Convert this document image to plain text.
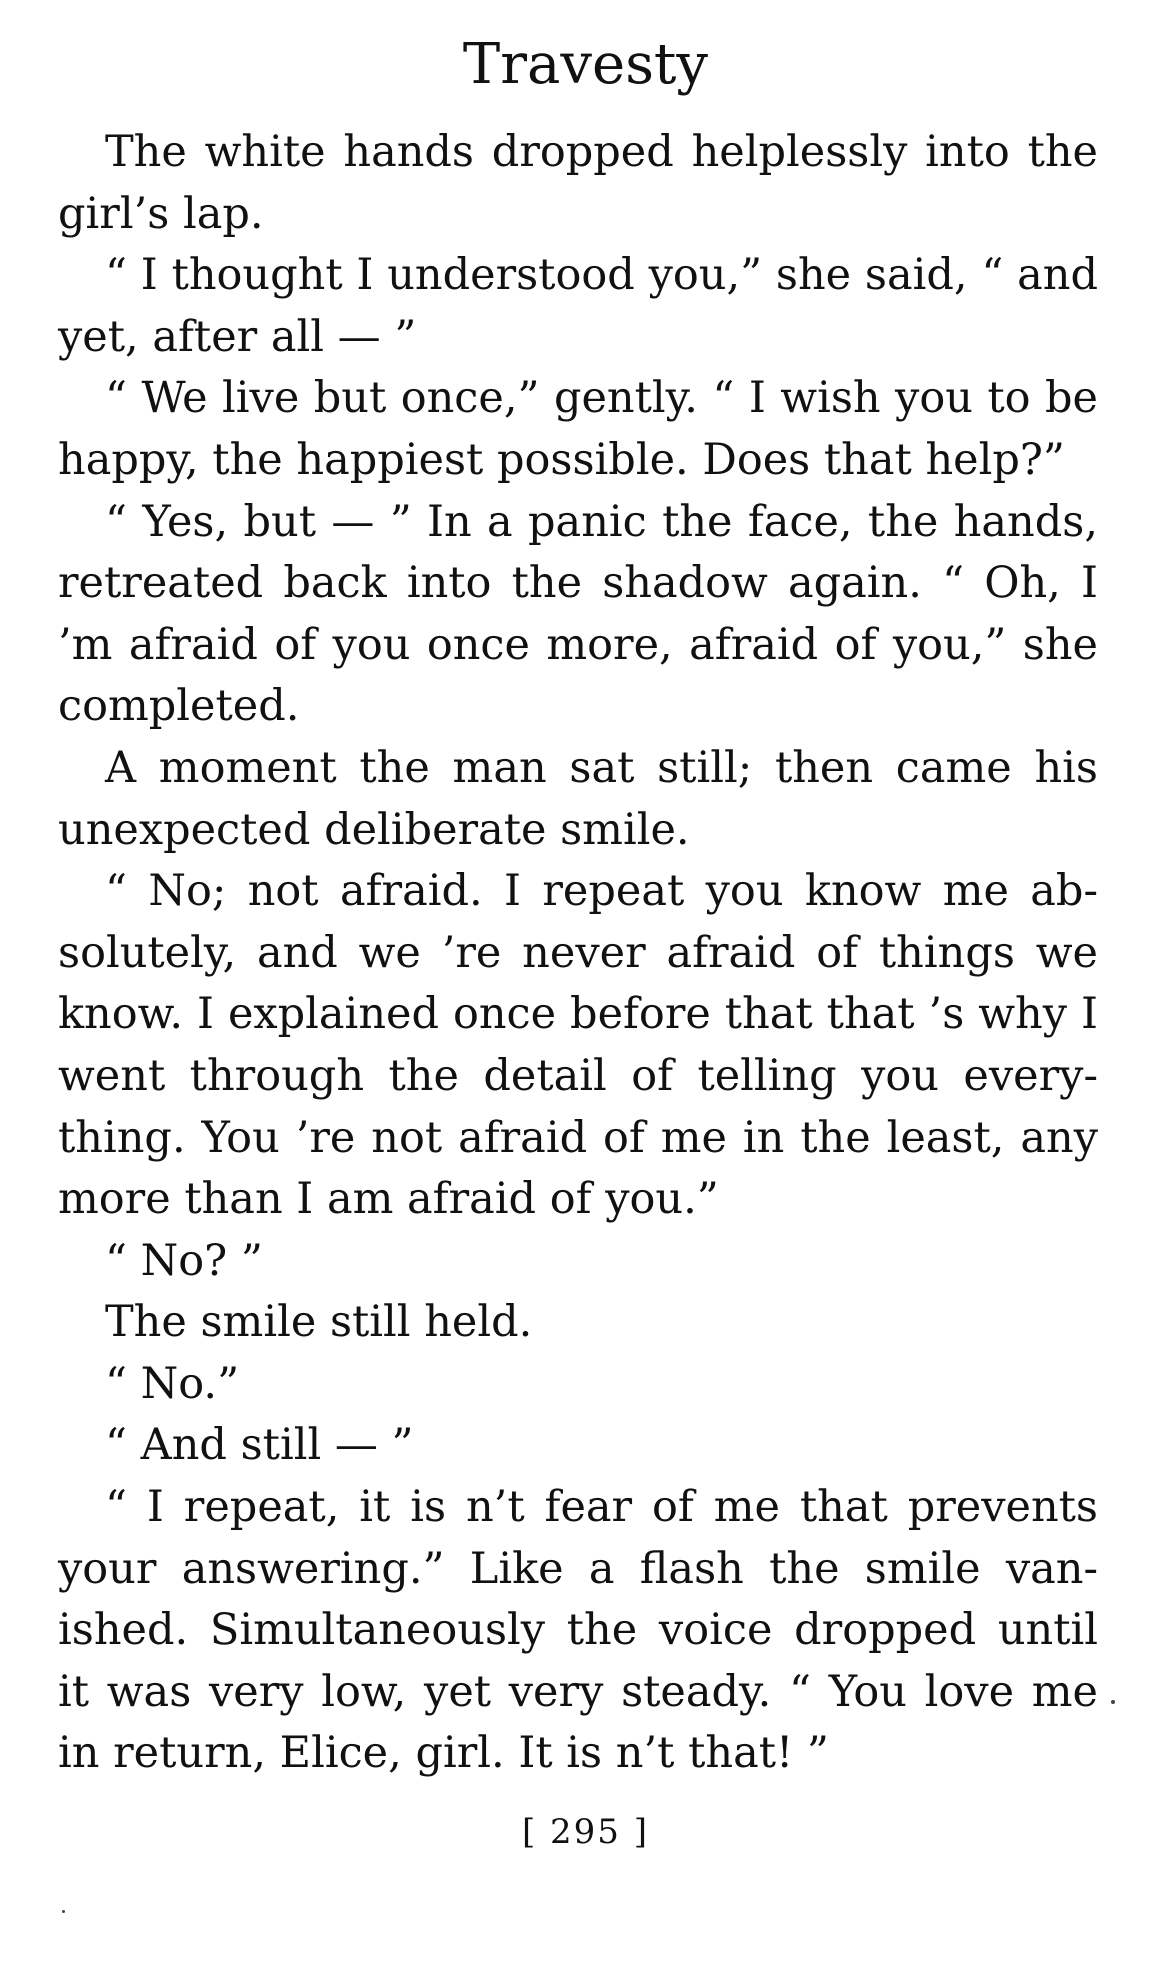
Travesty

The white hands dropped helplessly into the girl’s lap.

“ I thought I understood you,” she said, “ and yet, after all — ”

“ We live but once,” gently. “ I wish you to be happy, the happiest possible. Does that help?”

“ Yes, but — ” In a panic the face, the hands, retreated back into the shadow again. “ Oh, I ’m afraid of you once more, afraid of you,” she completed.

A moment the man sat still; then came his unexpected deliberate smile.

“ No; not afraid. I repeat you know me absolutely, and we ’re never afraid of things we know. I explained once before that that ’s why I went through the detail of telling you everything. You ’re not afraid of me in the least, any more than I am afraid of you.”

“ No? ”

The smile still held.

“ No.”

“ And still — ”

“ I repeat, it is n’t fear of me that prevents your answering.” Like a flash the smile vanished. Simultaneously the voice dropped until it was very low, yet very steady. “ You love me in return, Elice, girl. It is n’t that! ”

[ 295 ]
